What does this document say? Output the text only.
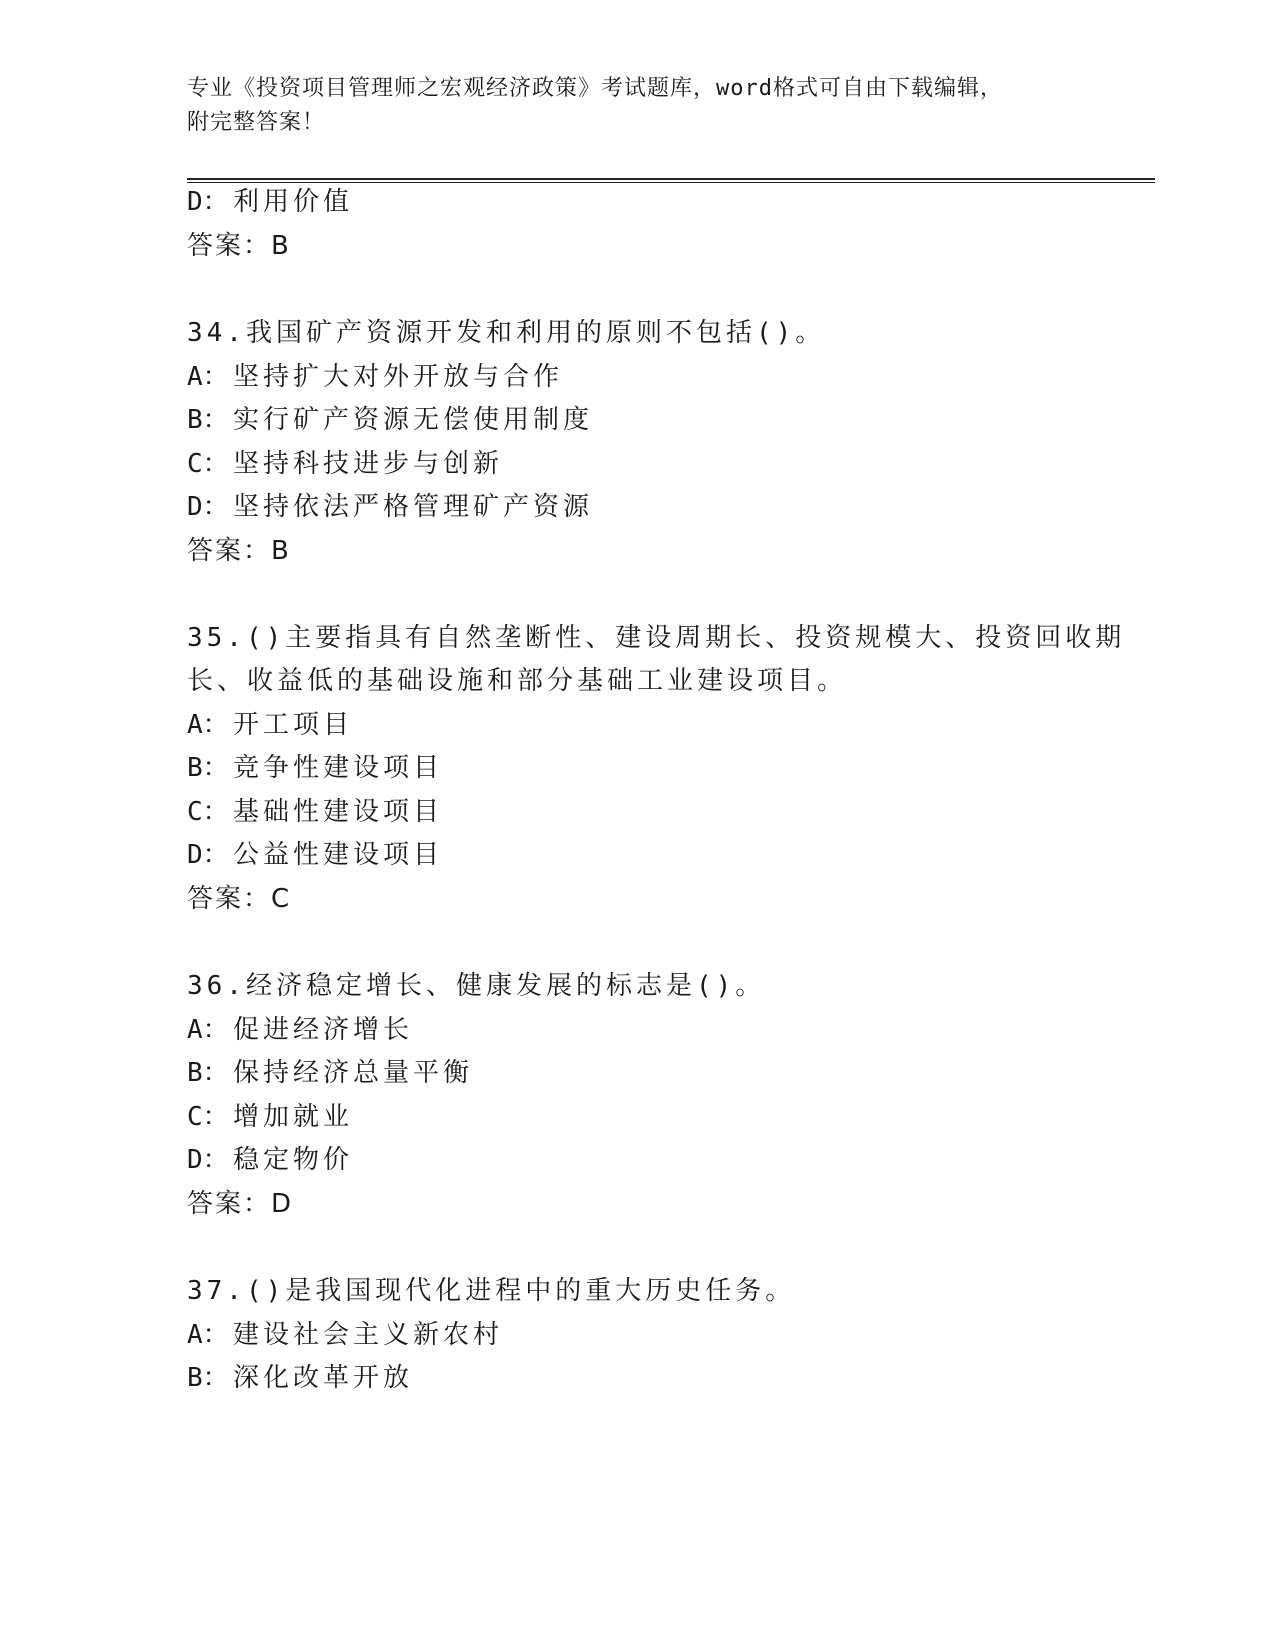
专业《投资项目管理师之宏观经济政策》考试题库，word格式可自由下载编辑，
附完整答案！
D： 利用价值
答案：B
34.我国矿产资源开发和利用的原则不包括()。
A： 坚持扩大对外开放与合作
B： 实行矿产资源无偿使用制度
C： 坚持科技进步与创新
D： 坚持依法严格管理矿产资源
答案：B
35.()主要指具有自然垄断性、建设周期长、投资规模大、投资回收期
长、收益低的基础设施和部分基础工业建设项目。
A： 开工项目
B： 竞争性建设项目
C： 基础性建设项目
D： 公益性建设项目
答案：C
36.经济稳定增长、健康发展的标志是()。
A： 促进经济增长
B： 保持经济总量平衡
C： 增加就业
D： 稳定物价
答案：D
37.()是我国现代化进程中的重大历史任务。
A： 建设社会主义新农村
B： 深化改革开放
